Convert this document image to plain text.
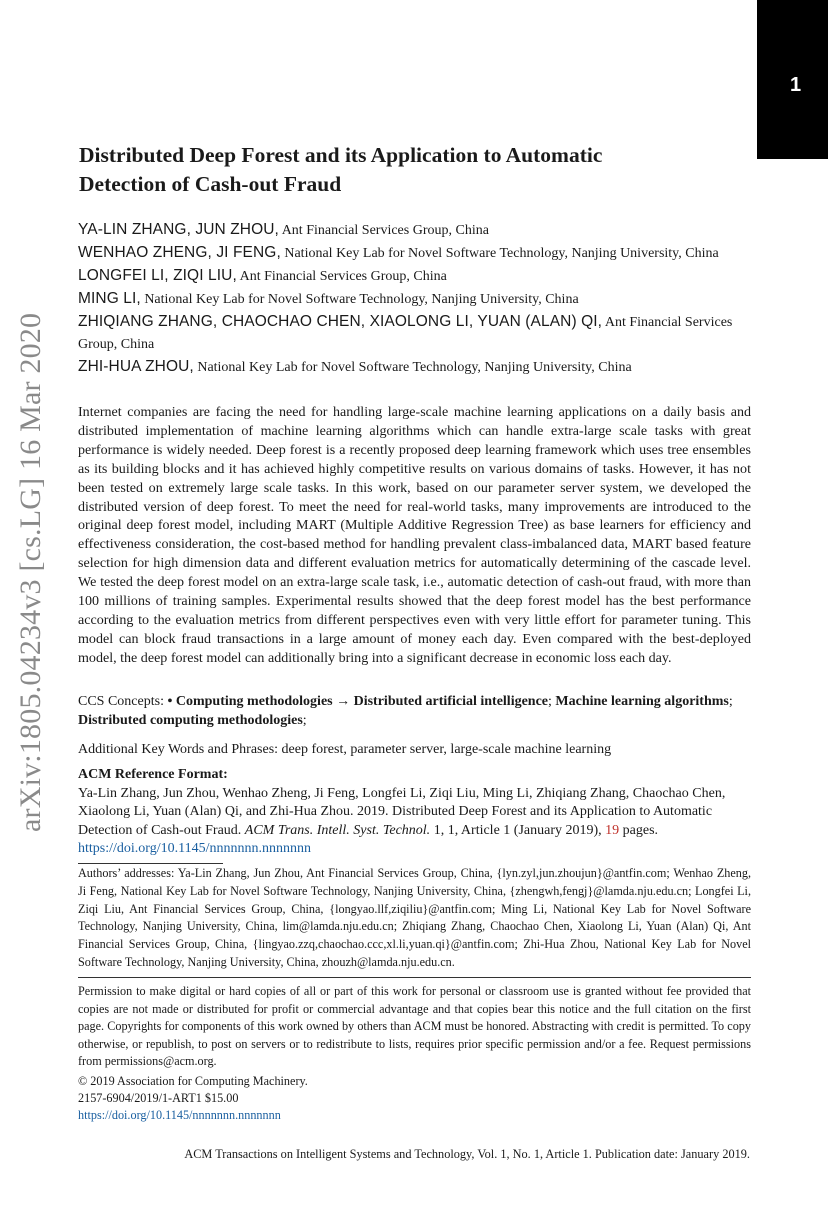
1
arXiv:1805.04234v3 [cs.LG] 16 Mar 2020
Distributed Deep Forest and its Application to Automatic
Detection of Cash-out Fraud

YA-LIN ZHANG, JUN ZHOU, Ant Financial Services Group, China

WENHAO ZHENG, JI FENG, National Key Lab for Novel Software Technology, Nanjing University, China

LONGFEI LI, ZIQI LIU, Ant Financial Services Group, China

MING LI, National Key Lab for Novel Software Technology, Nanjing University, China

ZHIQIANG ZHANG, CHAOCHAO CHEN, XIAOLONG LI, YUAN (ALAN) QI, Ant Financial Services Group, China

ZHI-HUA ZHOU, National Key Lab for Novel Software Technology, Nanjing University, China

Internet companies are facing the need for handling large-scale machine learning applications on a daily basis and distributed implementation of machine learning algorithms which can handle extra-large scale tasks with great performance is widely needed. Deep forest is a recently proposed deep learning framework which uses tree ensembles as its building blocks and it has achieved highly competitive results on various domains of tasks. However, it has not been tested on extremely large scale tasks. In this work, based on our parameter server system, we developed the distributed version of deep forest. To meet the need for real-world tasks, many improvements are introduced to the original deep forest model, including MART (Multiple Additive Regression Tree) as base learners for efficiency and effectiveness consideration, the cost-based method for handling prevalent class-imbalanced data, MART based feature selection for high dimension data and different evaluation metrics for automatically determining of the cascade level. We tested the deep forest model on an extra-large scale task, i.e., automatic detection of cash-out fraud, with more than 100 millions of training samples. Experimental results showed that the deep forest model has the best performance according to the evaluation metrics from different perspectives even with very little effort for parameter tuning. This model can block fraud transactions in a large amount of money each day. Even compared with the best-deployed model, the deep forest model can additionally bring into a significant decrease in economic loss each day.

CCS Concepts: • Computing methodologies → Distributed artificial intelligence; Machine learning algorithms; Distributed computing methodologies;

Additional Key Words and Phrases: deep forest, parameter server, large-scale machine learning

ACM Reference Format:

Ya-Lin Zhang, Jun Zhou, Wenhao Zheng, Ji Feng, Longfei Li, Ziqi Liu, Ming Li, Zhiqiang Zhang, Chaochao Chen, Xiaolong Li, Yuan (Alan) Qi, and Zhi-Hua Zhou. 2019. Distributed Deep Forest and its Application to Automatic Detection of Cash-out Fraud. ACM Trans. Intell. Syst. Technol. 1, 1, Article 1 (January 2019), 19 pages.
https://doi.org/10.1145/nnnnnnn.nnnnnnn

Authors’ addresses: Ya-Lin Zhang, Jun Zhou, Ant Financial Services Group, China, {lyn.zyl,jun.zhoujun}@antfin.com; Wenhao Zheng, Ji Feng, National Key Lab for Novel Software Technology, Nanjing University, China, {zhengwh,fengj}@lamda.nju.edu.cn; Longfei Li, Ziqi Liu, Ant Financial Services Group, China, {longyao.llf,ziqiliu}@antfin.com; Ming Li, National Key Lab for Novel Software Technology, Nanjing University, China, lim@lamda.nju.edu.cn; Zhiqiang Zhang, Chaochao Chen, Xiaolong Li, Yuan (Alan) Qi, Ant Financial Services Group, China, {lingyao.zzq,chaochao.ccc,xl.li,yuan.qi}@antfin.com; Zhi-Hua Zhou, National Key Lab for Novel Software Technology, Nanjing University, China, zhouzh@lamda.nju.edu.cn.

Permission to make digital or hard copies of all or part of this work for personal or classroom use is granted without fee provided that copies are not made or distributed for profit or commercial advantage and that copies bear this notice and the full citation on the first page. Copyrights for components of this work owned by others than ACM must be honored. Abstracting with credit is permitted. To copy otherwise, or republish, to post on servers or to redistribute to lists, requires prior specific permission and/or a fee. Request permissions from permissions@acm.org.

© 2019 Association for Computing Machinery.

2157-6904/2019/1-ART1 $15.00

https://doi.org/10.1145/nnnnnnn.nnnnnnn

ACM Transactions on Intelligent Systems and Technology, Vol. 1, No. 1, Article 1. Publication date: January 2019.
